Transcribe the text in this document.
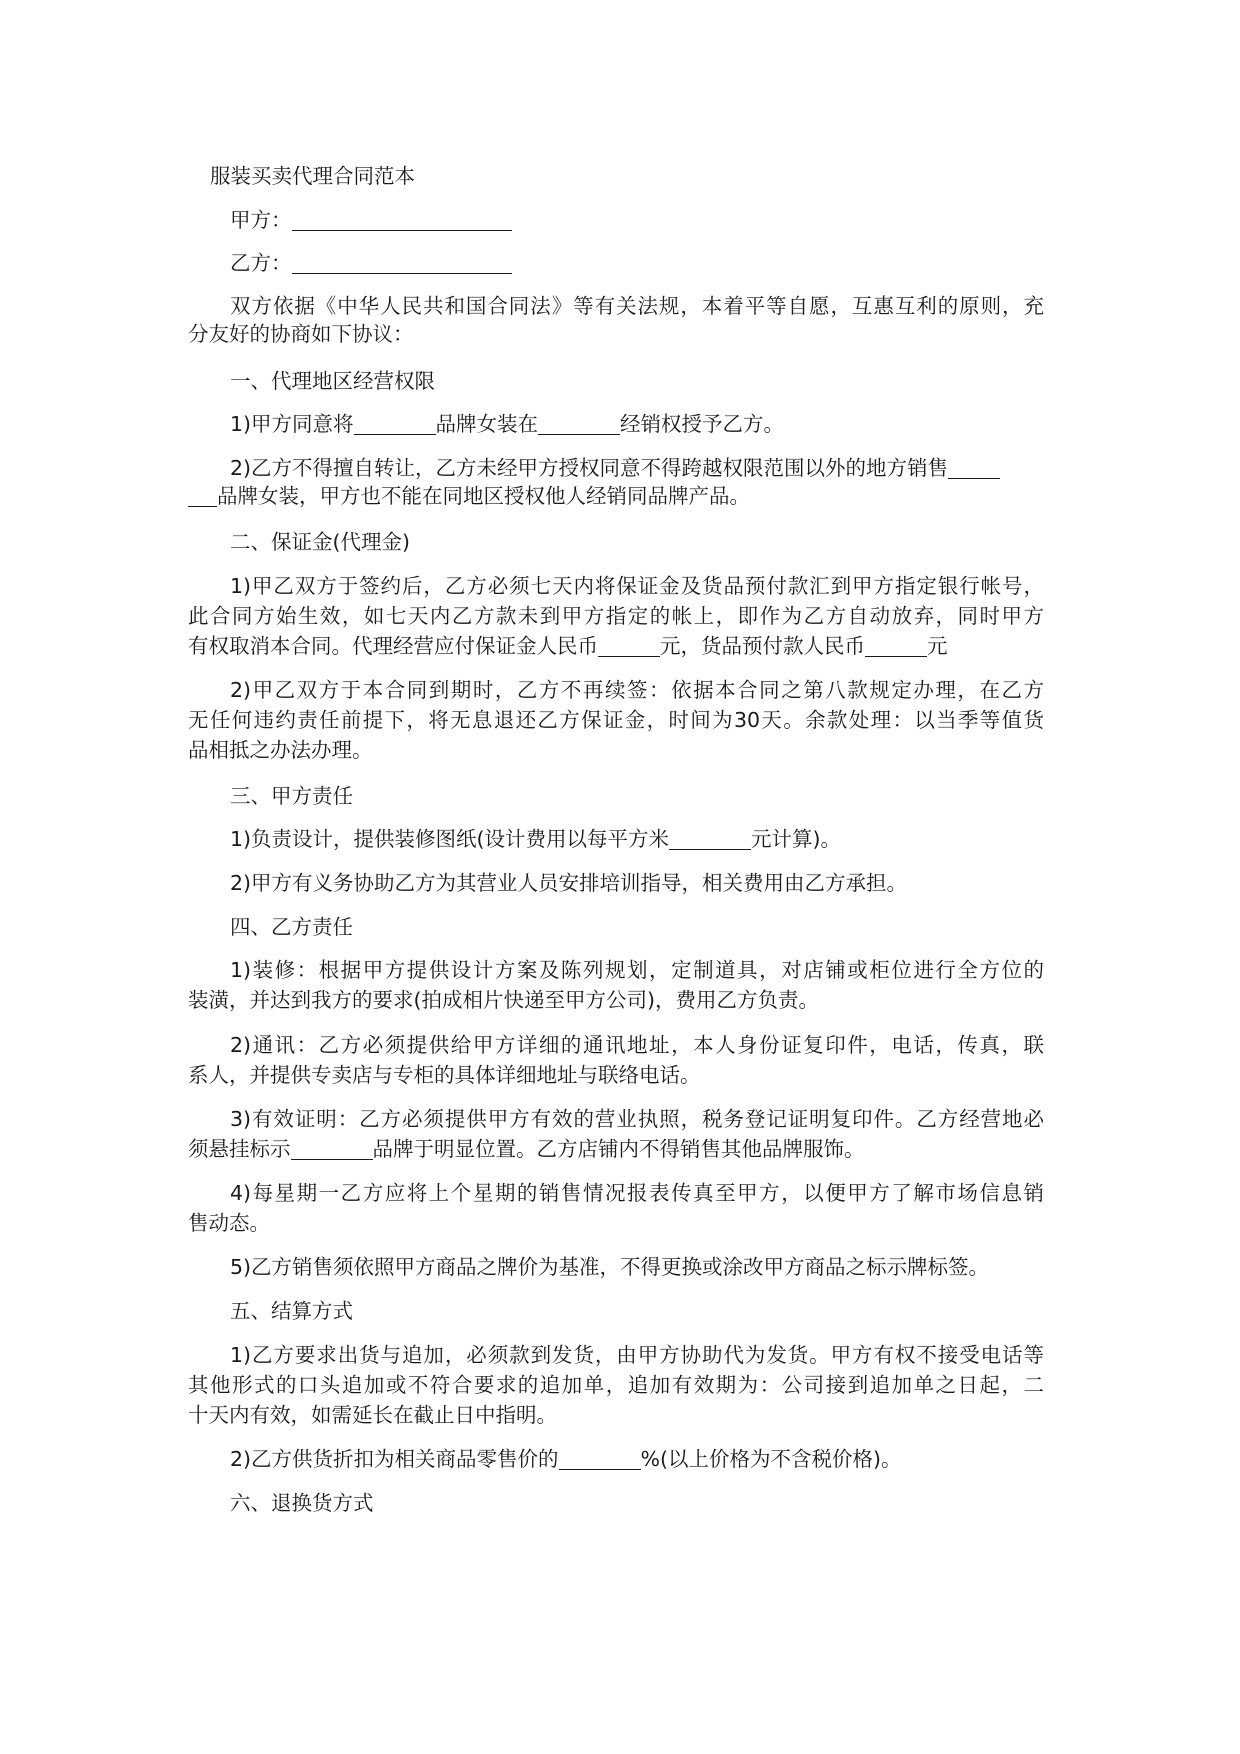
服装买卖代理合同范本
甲方：
乙方：
双方依据《中华人民共和国合同法》等有关法规，本着平等自愿，互惠互利的原则，充
分友好的协商如下协议：
一、代理地区经营权限
1)甲方同意将	品牌女装在	经销权授予乙方。
2)乙方不得擅自转让，乙方未经甲方授权同意不得跨越权限范围以外的地方销售
品牌女装，甲方也不能在同地区授权他人经销同品牌产品。
二、保证金(代理金)
1)甲乙双方于签约后，乙方必须七天内将保证金及货品预付款汇到甲方指定银行帐号，
此合同方始生效，如七天内乙方款未到甲方指定的帐上，即作为乙方自动放弃，同时甲方
有权取消本合同。代理经营应付保证金人民币	元，货品预付款人民币	元
2)甲乙双方于本合同到期时，乙方不再续签：依据本合同之第八款规定办理，在乙方
无任何违约责任前提下，将无息退还乙方保证金，时间为30天。余款处理：以当季等值货
品相抵之办法办理。
三、甲方责任
1)负责设计，提供装修图纸(设计费用以每平方米	元计算)。
2)甲方有义务协助乙方为其营业人员安排培训指导，相关费用由乙方承担。
四、乙方责任
1)装修：根据甲方提供设计方案及陈列规划，定制道具，对店铺或柜位进行全方位的
装潢，并达到我方的要求(拍成相片快递至甲方公司)，费用乙方负责。
2)通讯：乙方必须提供给甲方详细的通讯地址，本人身份证复印件，电话，传真，联
系人，并提供专卖店与专柜的具体详细地址与联络电话。
3)有效证明：乙方必须提供甲方有效的营业执照，税务登记证明复印件。乙方经营地必
须悬挂标示	品牌于明显位置。乙方店铺内不得销售其他品牌服饰。
4)每星期一乙方应将上个星期的销售情况报表传真至甲方，以便甲方了解市场信息销
售动态。
5)乙方销售须依照甲方商品之牌价为基准，不得更换或涂改甲方商品之标示牌标签。
五、结算方式
1)乙方要求出货与追加，必须款到发货，由甲方协助代为发货。甲方有权不接受电话等
其他形式的口头追加或不符合要求的追加单，追加有效期为：公司接到追加单之日起，二
十天内有效，如需延长在截止日中指明。
2)乙方供货折扣为相关商品零售价的	%(以上价格为不含税价格)。
六、退换货方式
